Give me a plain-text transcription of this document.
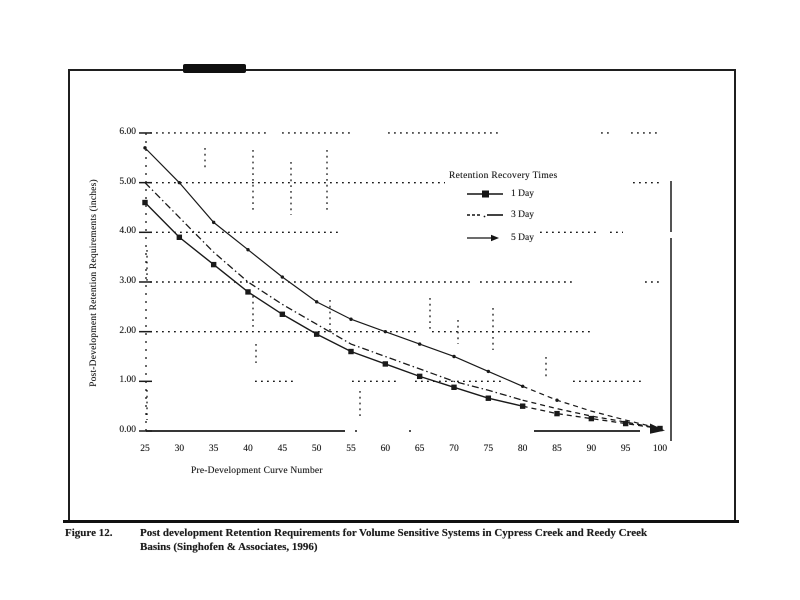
Post-Development Retention Requirements (inches)
Pre-Development Curve Number
0.00
1.00
2.00
3.00
4.00
5.00
6.00
25	30	35	40	45	50	55	60	65	70	75	80	85	90	95	100
Retention Recovery Times
1 Day
3 Day
5 Day
Figure 12.	Post development Retention Requirements for Volume Sensitive Systems in Cypress Creek and Reedy Creek
Basins (Singhofen & Associates, 1996)
